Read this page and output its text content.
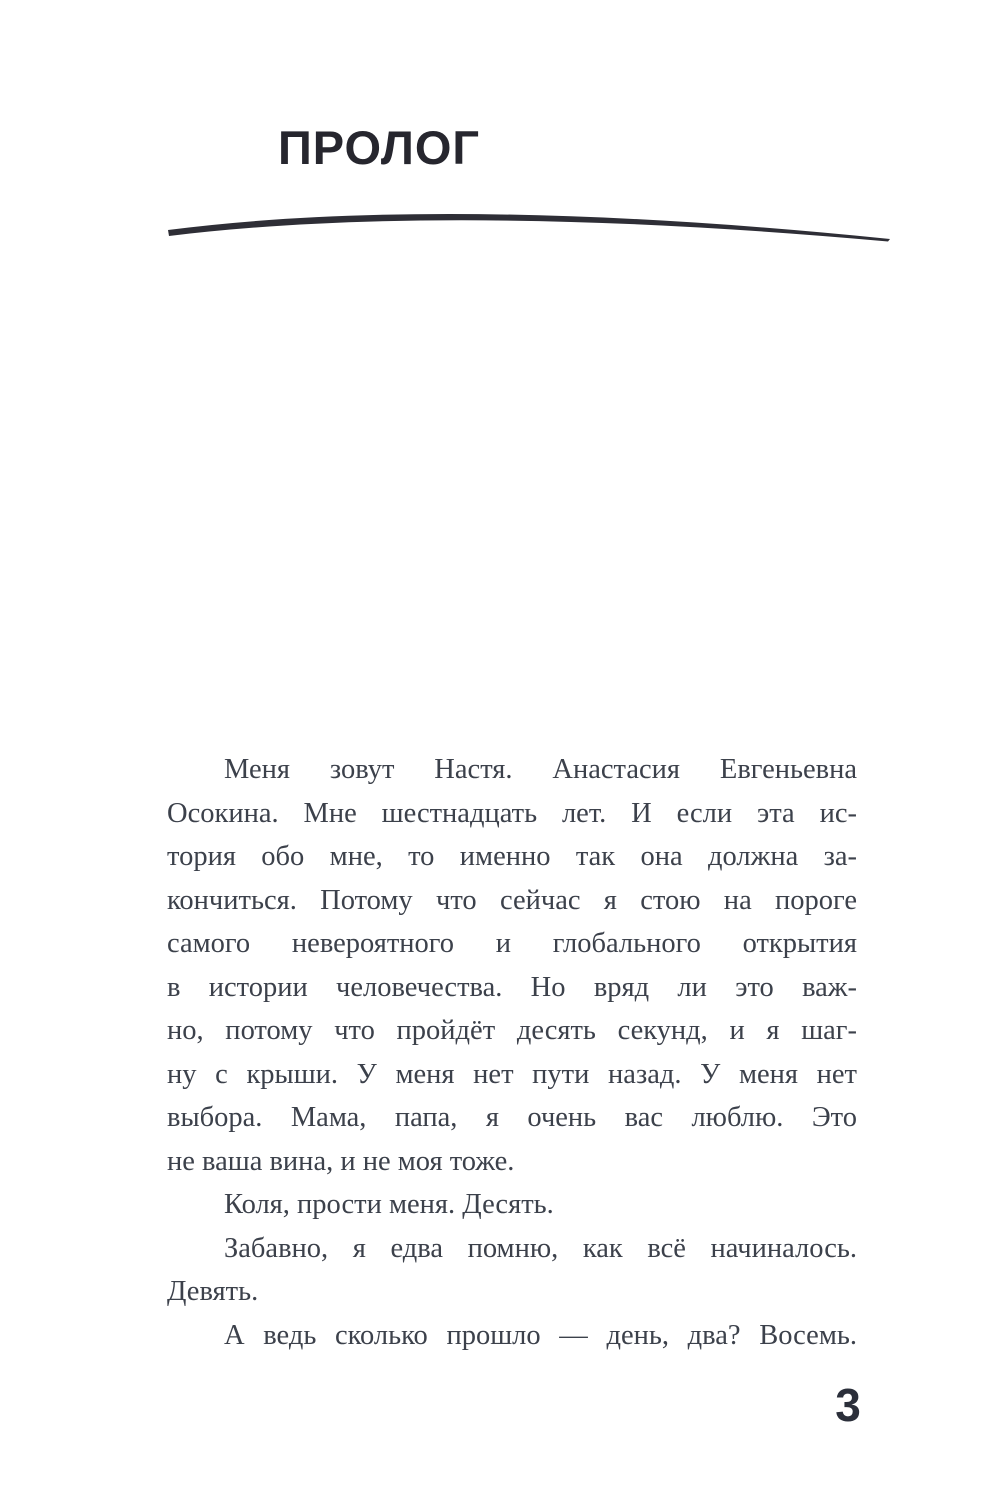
ПРОЛОГ
Меня зовут Настя. Анастасия Евгеньевна
Осокина. Мне шестнадцать лет. И если эта ис-
тория обо мне, то именно так она должна за-
кончиться. Потому что сейчас я стою на пороге
самого невероятного и глобального открытия
в истории человечества. Но вряд ли это важ-
но, потому что пройдёт десять секунд, и я шаг-
ну с крыши. У меня нет пути назад. У меня нет
выбора. Мама, папа, я очень вас люблю. Это
не ваша вина, и не моя тоже.
Коля, прости меня. Десять.
Забавно, я едва помню, как всё начиналось.
Девять.
А ведь сколько прошло — день, два? Восемь.
3
